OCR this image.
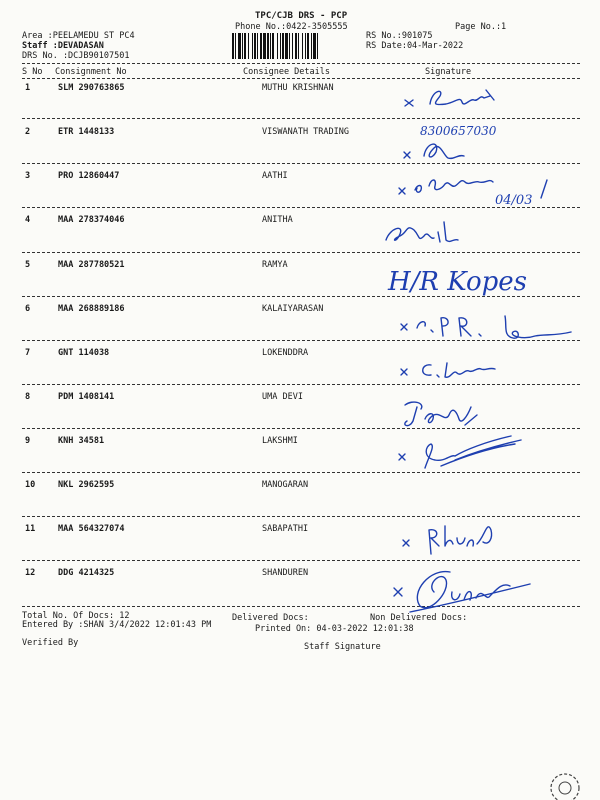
TPC/CJB DRS - PCP
Phone No.:0422-3505555	Page No.:1
Area :PEELAMEDU ST PC4
Staff :DEVADASAN
DRS No. :DCJB90107501
RS No.:901075
RS Date:04-Mar-2022
S No Consignment No	Consignee Details	Signature
1	SLM 290763865	MUTHU KRISHNAN
2	ETR 1448133	VISWANATH TRADING
3	PRO 12860447	AATHI
4	MAA 278374046	ANITHA
5	MAA 287780521	RAMYA
6	MAA 268889186	KALAIYARASAN
7	GNT 114038	LOKENDDRA
8	PDM 1408141	UMA DEVI
9	KNH 34581	LAKSHMI
10	NKL 2962595	MANOGARAN
11	MAA 564327074	SABAPATHI
12	DDG 4214325	SHANDUREN
8300657030
04/03
H/R Kopes
Total No. Of Docs: 12	Delivered Docs:	Non Delivered Docs:
Entered By :SHAN 3/4/2022 12:01:43 PM	Printed On: 04-03-2022 12:01:38
Verified By	Staff Signature
